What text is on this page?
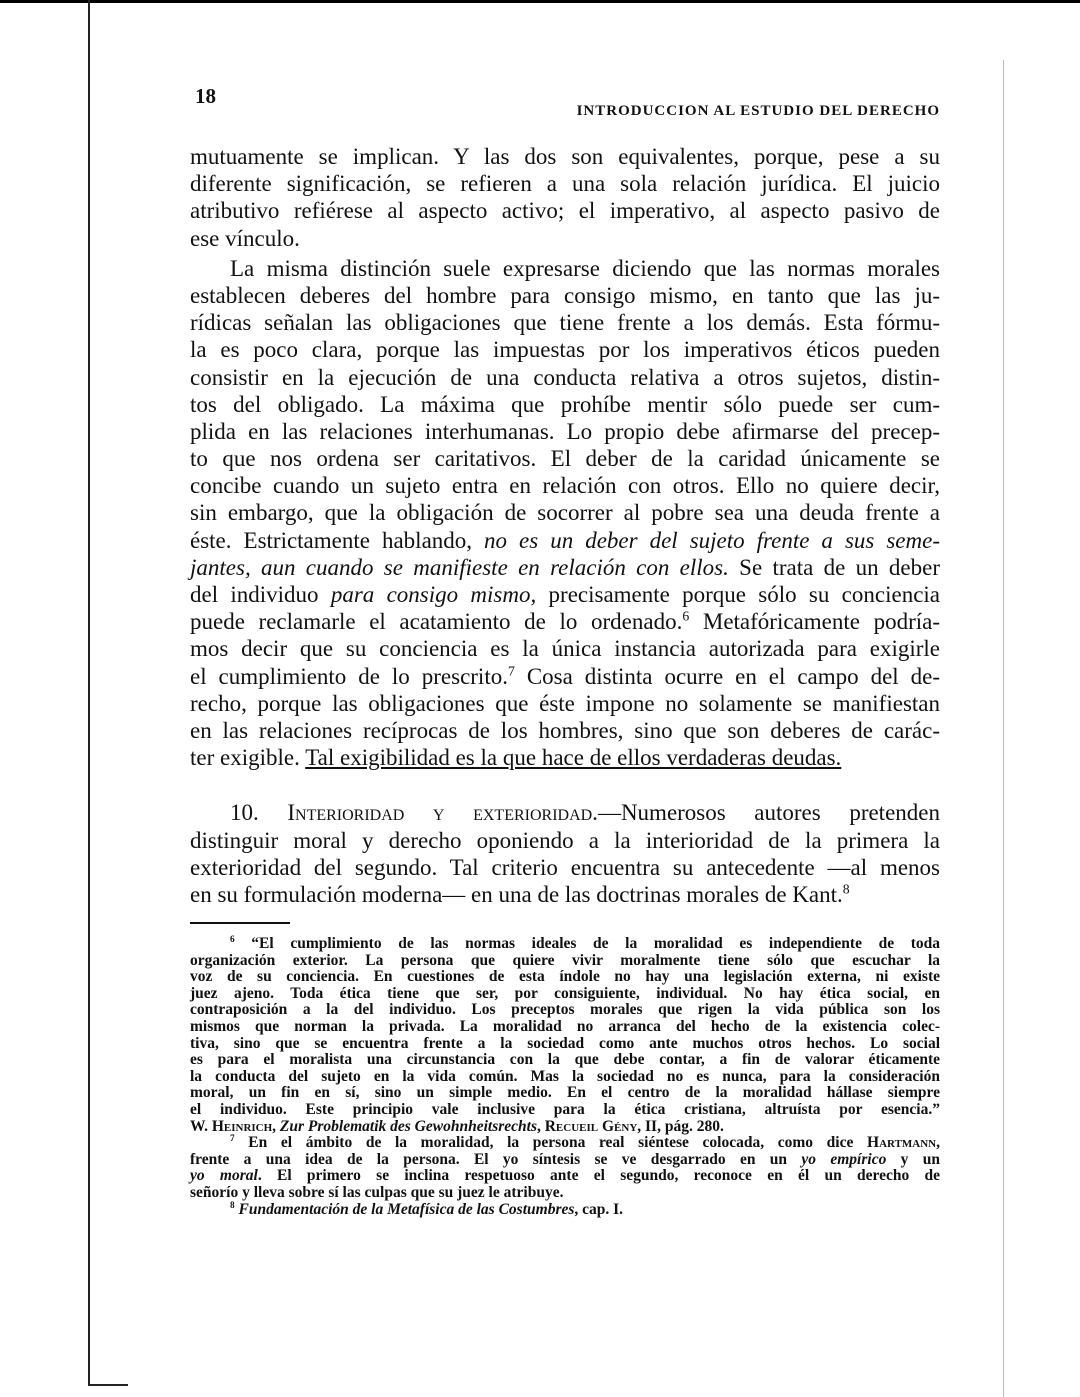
18
INTRODUCCION AL ESTUDIO DEL DERECHO
mutuamente se implican. Y las dos son equivalentes, porque, pese a su
diferente significación, se refieren a una sola relación jurídica. El juicio
atributivo refiérese al aspecto activo; el imperativo, al aspecto pasivo de
ese vínculo.
La misma distinción suele expresarse diciendo que las normas morales
establecen deberes del hombre para consigo mismo, en tanto que las ju-
rídicas señalan las obligaciones que tiene frente a los demás. Esta fórmu-
la es poco clara, porque las impuestas por los imperativos éticos pueden
consistir en la ejecución de una conducta relativa a otros sujetos, distin-
tos del obligado. La máxima que prohíbe mentir sólo puede ser cum-
plida en las relaciones interhumanas. Lo propio debe afirmarse del precep-
to que nos ordena ser caritativos. El deber de la caridad únicamente se
concibe cuando un sujeto entra en relación con otros. Ello no quiere decir,
sin embargo, que la obligación de socorrer al pobre sea una deuda frente a
éste. Estrictamente hablando, no es un deber del sujeto frente a sus seme-
jantes, aun cuando se manifieste en relación con ellos. Se trata de un deber
del individuo para consigo mismo, precisamente porque sólo su conciencia
puede reclamarle el acatamiento de lo ordenado.$^6$ Metafóricamente podría-
mos decir que su conciencia es la única instancia autorizada para exigirle
el cumplimiento de lo prescrito.$^7$ Cosa distinta ocurre en el campo del de-
recho, porque las obligaciones que éste impone no solamente se manifiestan
en las relaciones recíprocas de los hombres, sino que son deberes de carác-
ter exigible. Tal exigibilidad es la que hace de ellos verdaderas deudas.
10. Interioridad y exterioridad.—Numerosos autores pretenden
distinguir moral y derecho oponiendo a la interioridad de la primera la
exterioridad del segundo. Tal criterio encuentra su antecedente —al menos
en su formulación moderna— en una de las doctrinas morales de Kant.$^8$
$^6$ “El cumplimiento de las normas ideales de la moralidad es independiente de toda
organización exterior. La persona que quiere vivir moralmente tiene sólo que escuchar la
voz de su conciencia. En cuestiones de esta índole no hay una legislación externa, ni existe
juez ajeno. Toda ética tiene que ser, por consiguiente, individual. No hay ética social, en
contraposición a la del individuo. Los preceptos morales que rigen la vida pública son los
mismos que norman la privada. La moralidad no arranca del hecho de la existencia colec-
tiva, sino que se encuentra frente a la sociedad como ante muchos otros hechos. Lo social
es para el moralista una circunstancia con la que debe contar, a fin de valorar éticamente
la conducta del sujeto en la vida común. Mas la sociedad no es nunca, para la consideración
moral, un fin en sí, sino un simple medio. En el centro de la moralidad hállase siempre
el individuo. Este principio vale inclusive para la ética cristiana, altruísta por esencia.”
W. Heinrich, Zur Problematik des Gewohnheitsrechts, Recueil Gény, II, pág. 280.
$^7$ En el ámbito de la moralidad, la persona real siéntese colocada, como dice Hartmann,
frente a una idea de la persona. El yo síntesis se ve desgarrado en un yo empírico y un
yo moral. El primero se inclina respetuoso ante el segundo, reconoce en él un derecho de
señorío y lleva sobre sí las culpas que su juez le atribuye.
$^8$ Fundamentación de la Metafísica de las Costumbres, cap. I.
